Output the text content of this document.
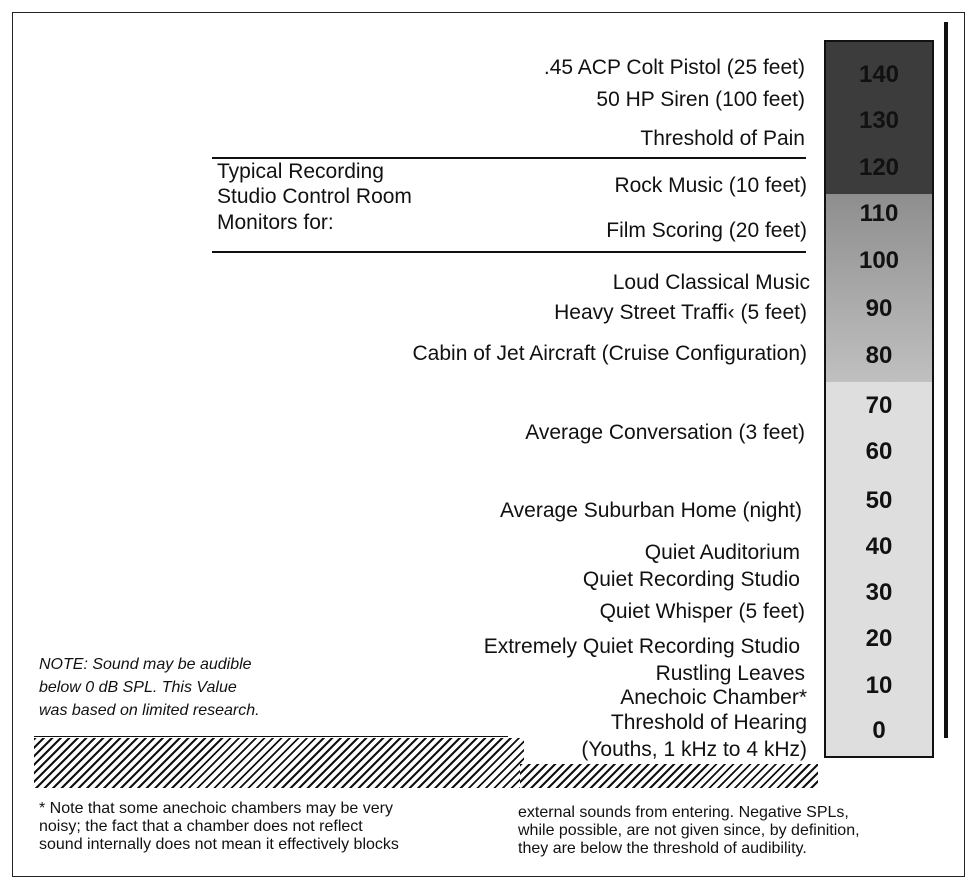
140
130
120
110
100
90
80
70
60
50
40
30
20
10
0
.45 ACP Colt Pistol (25 feet)
50 HP Siren (100 feet)
Threshold of Pain
Typical Recording
Studio Control Room
Monitors for:
Rock Music (10 feet)
Film Scoring (20 feet)
Loud Classical Music
Heavy Street Traffi‹ (5 feet)
Cabin of Jet Aircraft (Cruise Configuration)
Average Conversation (3 feet)
Average Suburban Home (night)
Quiet Auditorium
Quiet Recording Studio
Quiet Whisper (5 feet)
Extremely Quiet Recording Studio
Rustling Leaves
Anechoic Chamber*
Threshold of Hearing
(Youths, 1 kHz to 4 kHz)
NOTE: Sound may be audible
below 0 dB SPL. This Value
was based on limited research.
* Note that some anechoic chambers may be very
noisy; the fact that a chamber does not reflect
sound internally does not mean it effectively blocks
external sounds from entering. Negative SPLs,
while possible, are not given since, by definition,
they are below the threshold of audibility.
